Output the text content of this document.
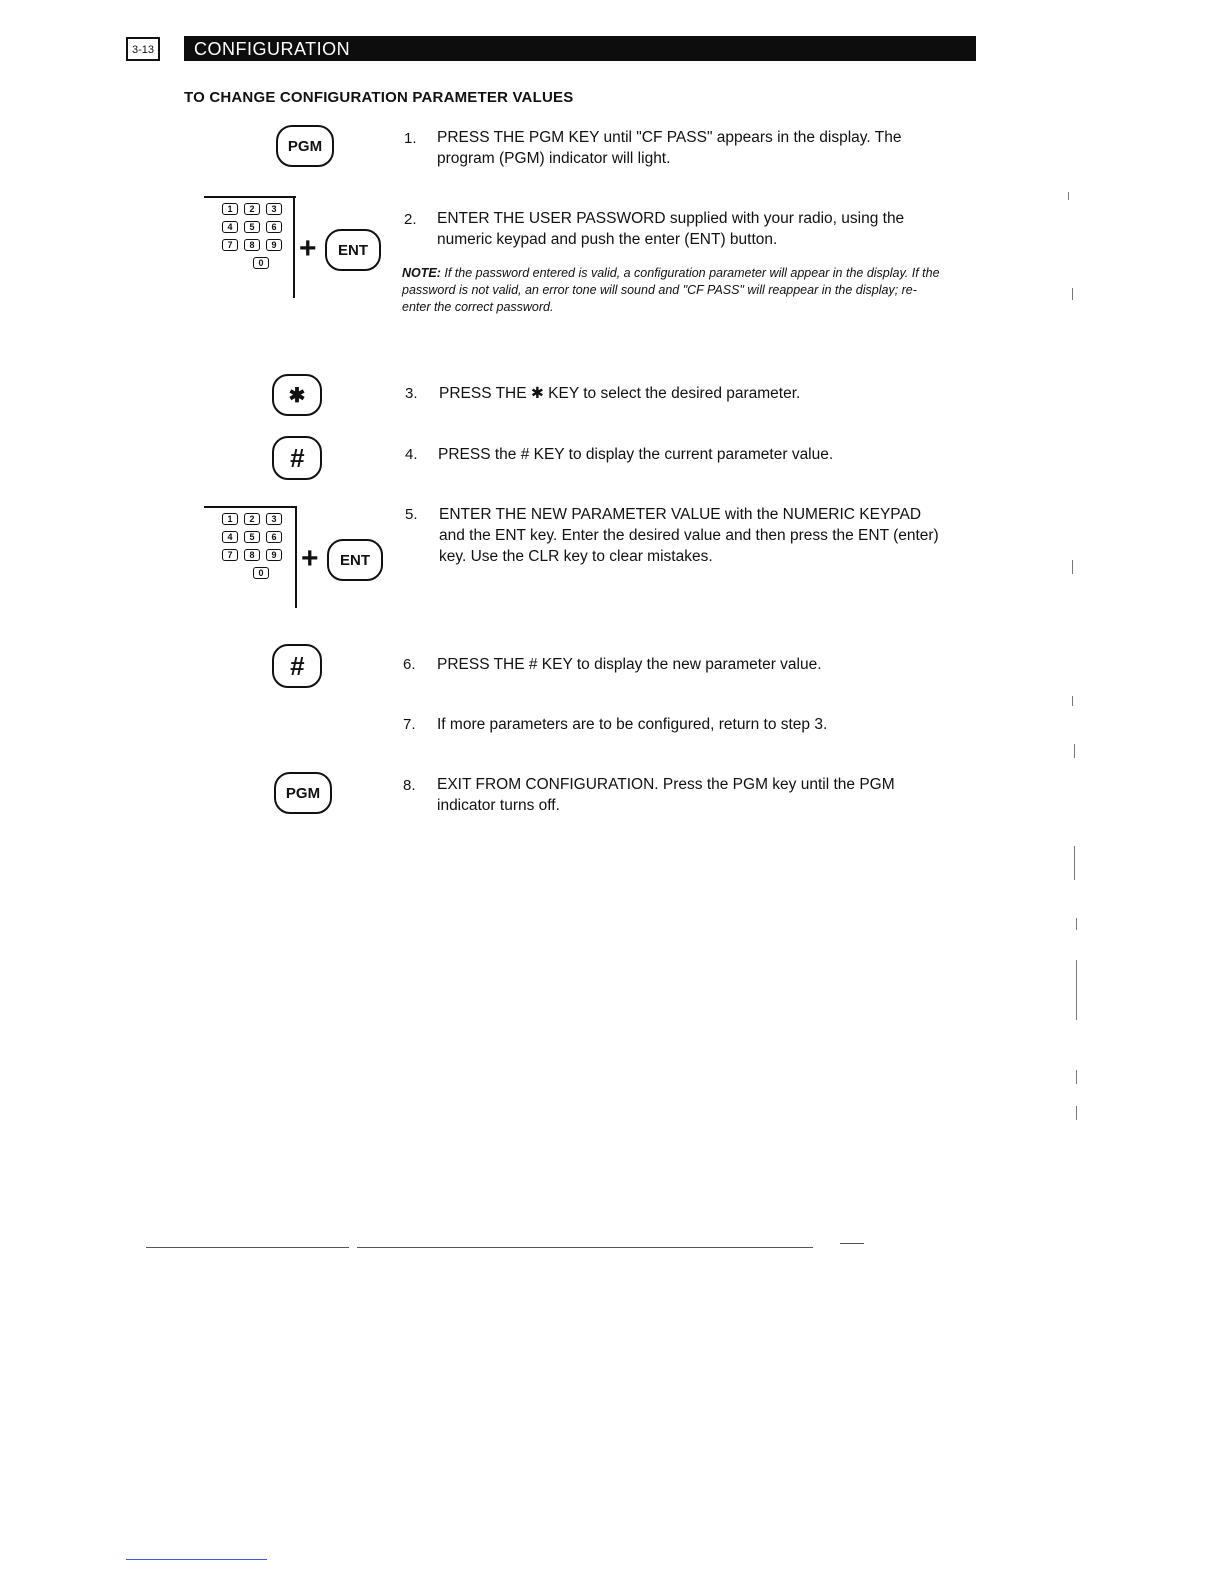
3-13	CONFIGURATION
TO CHANGE CONFIGURATION PARAMETER VALUES
PGM
1	2	3
4	5	6
7	8	9
0 + ENT
✱
#
1	2	3
4	5	6
7	8	9
0 + ENT
#
PGM
1. PRESS THE PGM KEY until "CF PASS" appears in the display. The program (PGM) indicator will light.
2. ENTER THE USER PASSWORD supplied with your radio, using the numeric keypad and push the enter (ENT) button.
NOTE: If the password entered is valid, a configuration parameter will appear in the display. If the password is not valid, an error tone will sound and "CF PASS" will reappear in the display; re-enter the correct password.
3. PRESS THE ✱ KEY to select the desired parameter.
4. PRESS the # KEY to display the current parameter value.
5. ENTER THE NEW PARAMETER VALUE with the NUMERIC KEYPAD and the ENT key. Enter the desired value and then press the ENT (enter) key. Use the CLR key to clear mistakes.
6. PRESS THE # KEY to display the new parameter value.
7. If more parameters are to be configured, return to step 3.
8. EXIT FROM CONFIGURATION. Press the PGM key until the PGM indicator turns off.
